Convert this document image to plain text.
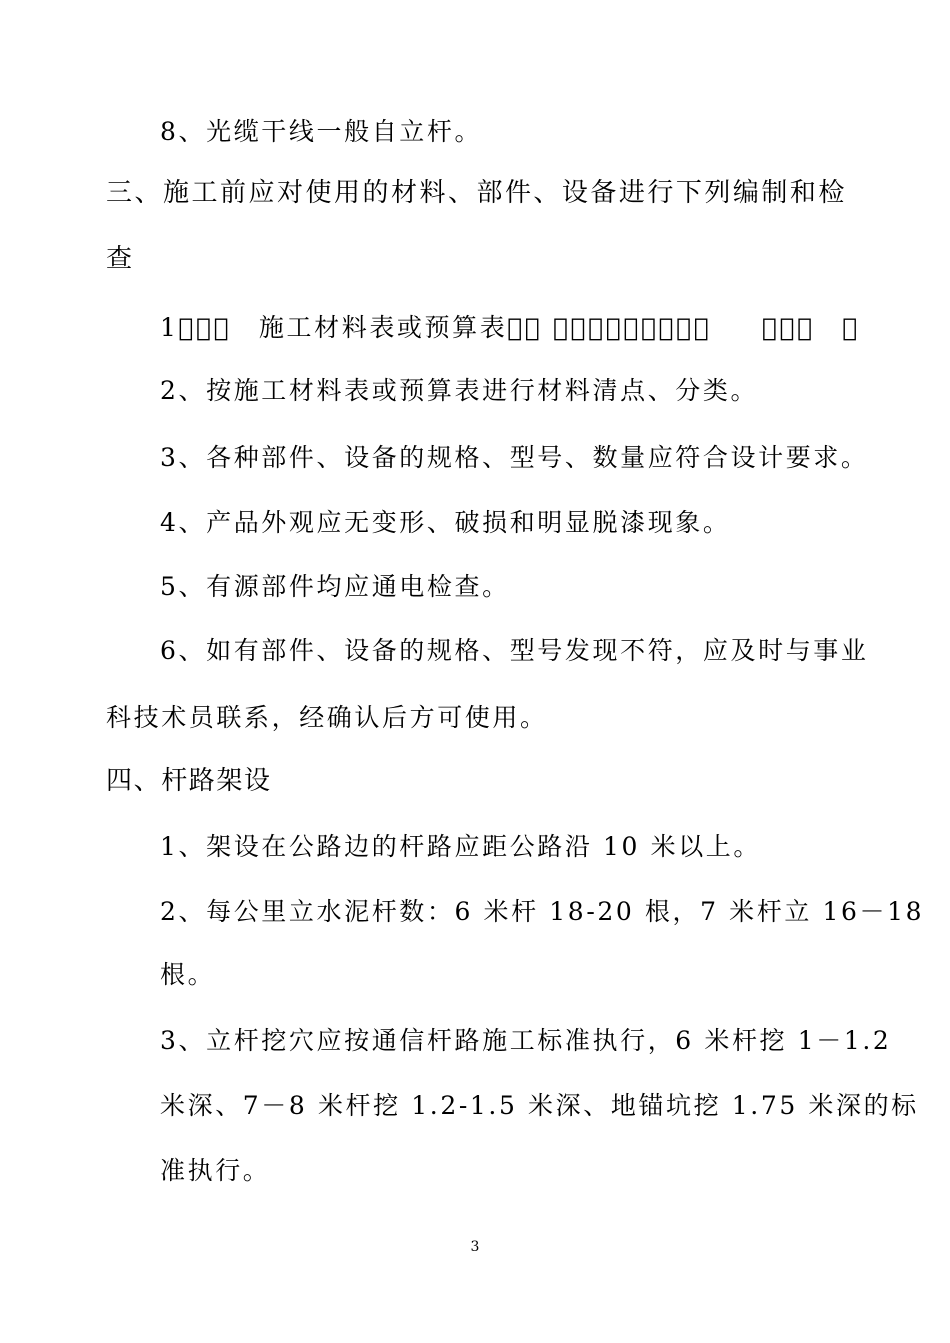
8、光缆干线一般自立杆。
三、施工前应对使用的材料、部件、设备进行下列编制和检
查
1   　施工材料表或预算表                　 
2、按施工材料表或预算表进行材料清点、分类。
3、各种部件、设备的规格、型号、数量应符合设计要求。
4、产品外观应无变形、破损和明显脱漆现象。
5、有源部件均应通电检查。
6、如有部件、设备的规格、型号发现不符，应及时与事业
科技术员联系，经确认后方可使用。
四、杆路架设
1、架设在公路边的杆路应距公路沿 10 米以上。
2、每公里立水泥杆数：6 米杆 18-20 根，7 米杆立 16－18
根。
3、立杆挖穴应按通信杆路施工标准执行，6 米杆挖 1－1.2
米深、7－8 米杆挖 1.2-1.5 米深、地锚坑挖 1.75 米深的标
准执行。
3
